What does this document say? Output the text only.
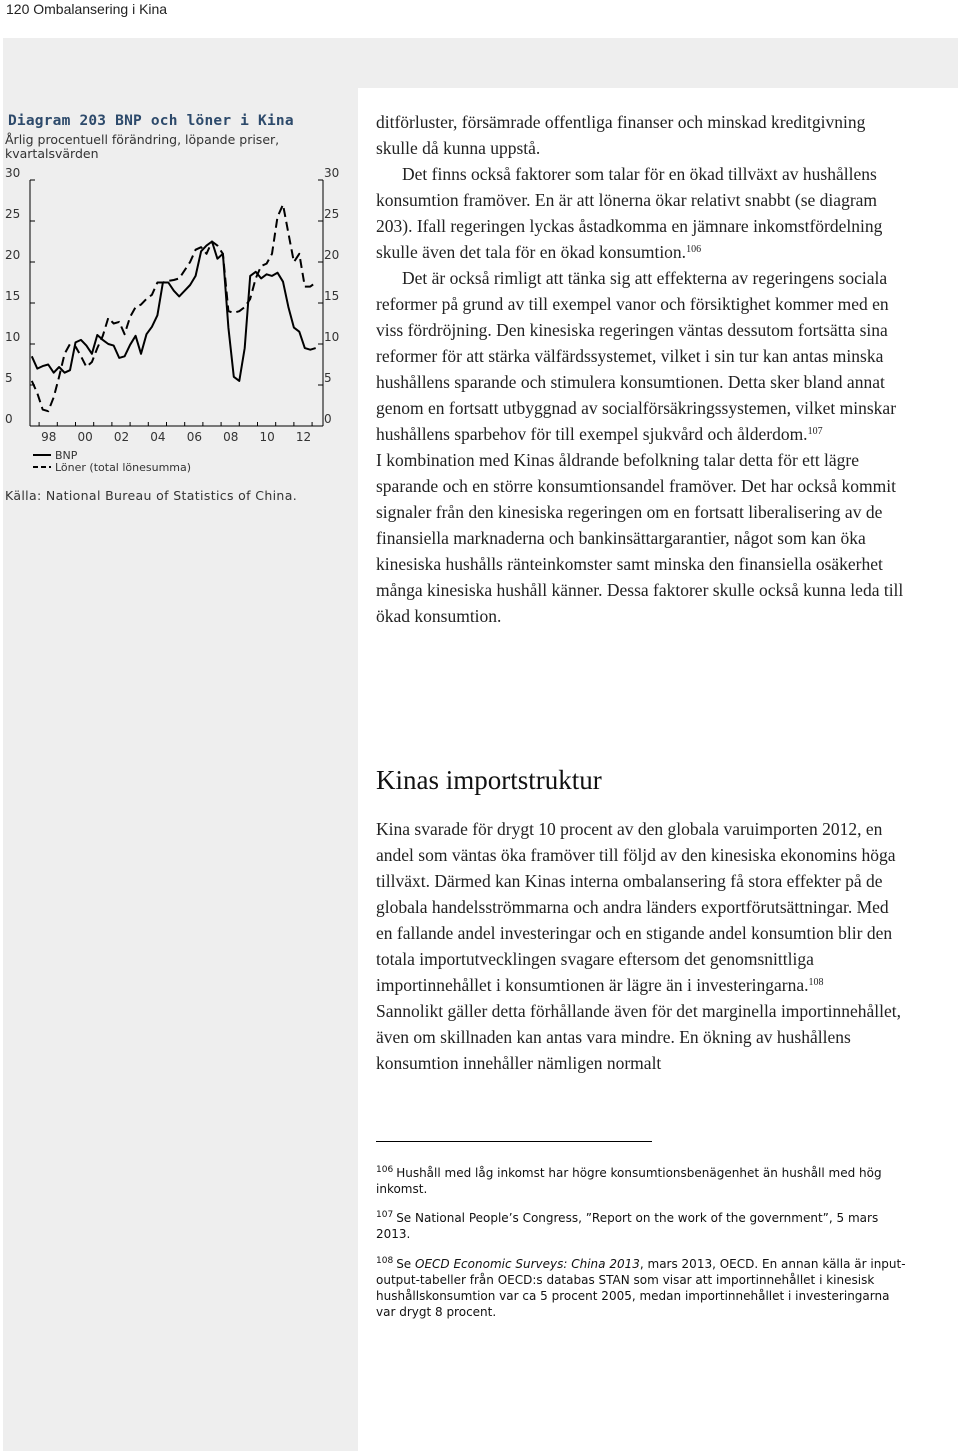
120 Ombalansering i Kina
Diagram 203 BNP och löner i Kina
Årlig procentuell förändring, löpande priser, kvartalsvärden
0	0
5	5
10	10
15	15
20	20
25	25
30	30
98 00 02 04 06 08 10 12
BNP
Löner (total lönesumma)
Källa: National Bureau of Statistics of China.

ditförluster, försämrade offentliga finanser och minskad kreditgivning skulle då kunna uppstå.

Det finns också faktorer som talar för en ökad tillväxt av hushållens konsumtion framöver. En är att lönerna ökar relativt snabbt (se diagram 203). Ifall regeringen lyckas åstadkomma en jämnare inkomstfördelning skulle även det tala för en ökad konsumtion.$^{106}$

Det är också rimligt att tänka sig att effekterna av regeringens sociala reformer på grund av till exempel vanor och försiktighet kommer med en viss fördröjning. Den kinesiska regeringen väntas dessutom fortsätta sina reformer för att stärka välfärdssystemet, vilket i sin tur kan antas minska hushållens sparande och stimulera konsumtionen. Detta sker bland annat genom en fortsatt utbyggnad av socialförsäkringssystemen, vilket minskar hushållens sparbehov för till exempel sjukvård och ålderdom.$^{107}$

I kombination med Kinas åldrande befolkning talar detta för ett lägre sparande och en större konsumtionsandel framöver. Det har också kommit signaler från den kinesiska regeringen om en fortsatt liberalisering av de finansiella marknaderna och bankinsättargarantier, något som kan öka kinesiska hushålls ränteinkomster samt minska den finansiella osäkerhet många kinesiska hushåll känner. Dessa faktorer skulle också kunna leda till ökad konsumtion.

Kinas importstruktur

Kina svarade för drygt 10 procent av den globala varuimporten 2012, en andel som väntas öka framöver till följd av den kinesiska ekonomins höga tillväxt. Därmed kan Kinas interna ombalansering få stora effekter på de globala handelsströmmarna och andra länders exportförutsättningar. Med en fallande andel investeringar och en stigande andel konsumtion blir den totala importutvecklingen svagare eftersom det genomsnittliga importinnehållet i konsumtionen är lägre än i investeringarna.$^{108}$

Sannolikt gäller detta förhållande även för det marginella importinnehållet, även om skillnaden kan antas vara mindre. En ökning av hushållens konsumtion innehåller nämligen normalt

$^{106}$ Hushåll med låg inkomst har högre konsumtionsbenägenhet än hushåll med hög inkomst.
$^{107}$ Se National People’s Congress, ”Report on the work of the government”, 5 mars 2013.
$^{108}$ Se OECD Economic Surveys: China 2013, mars 2013, OECD. En annan källa är input-output-tabeller från OECD:s databas STAN som visar att importinnehållet i kinesisk hushållskonsumtion var ca 5 procent 2005, medan importinnehållet i investeringarna var drygt 8 procent.
